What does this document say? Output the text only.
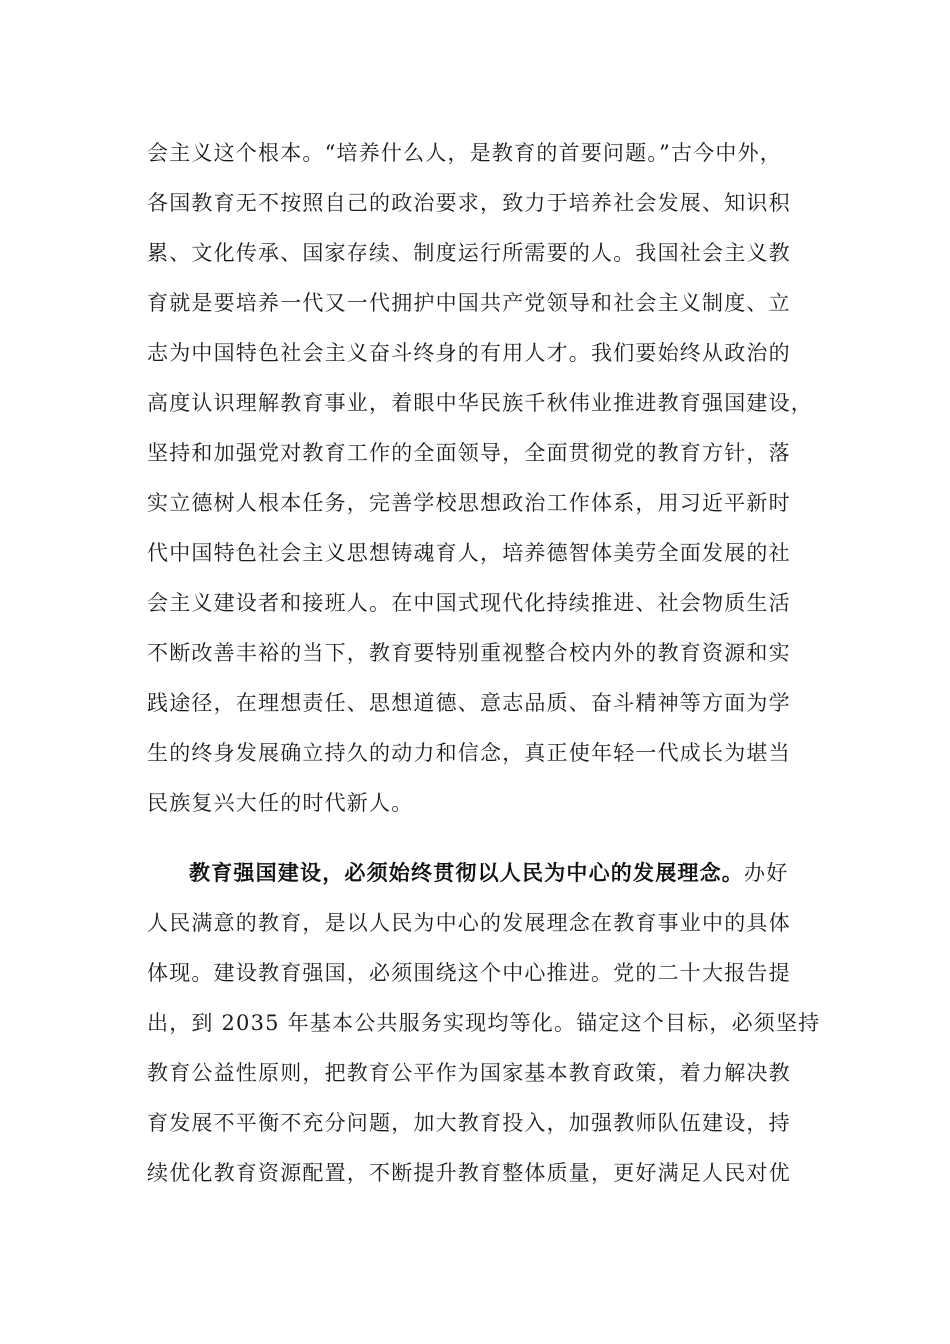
会主义这个根本。“培养什么人，是教育的首要问题。”古今中外，
各国教育无不按照自己的政治要求，致力于培养社会发展、知识积
累、文化传承、国家存续、制度运行所需要的人。我国社会主义教
育就是要培养一代又一代拥护中国共产党领导和社会主义制度、立
志为中国特色社会主义奋斗终身的有用人才。我们要始终从政治的
高度认识理解教育事业，着眼中华民族千秋伟业推进教育强国建设，
坚持和加强党对教育工作的全面领导，全面贯彻党的教育方针，落
实立德树人根本任务，完善学校思想政治工作体系，用习近平新时
代中国特色社会主义思想铸魂育人，培养德智体美劳全面发展的社
会主义建设者和接班人。在中国式现代化持续推进、社会物质生活
不断改善丰裕的当下，教育要特别重视整合校内外的教育资源和实
践途径，在理想责任、思想道德、意志品质、奋斗精神等方面为学
生的终身发展确立持久的动力和信念，真正使年轻一代成长为堪当
民族复兴大任的时代新人。
教育强国建设，必须始终贯彻以人民为中心的发展理念。办好
人民满意的教育，是以人民为中心的发展理念在教育事业中的具体
体现。建设教育强国，必须围绕这个中心推进。党的二十大报告提
出，到 2035 年基本公共服务实现均等化。锚定这个目标，必须坚持
教育公益性原则，把教育公平作为国家基本教育政策，着力解决教
育发展不平衡不充分问题，加大教育投入，加强教师队伍建设，持
续优化教育资源配置，不断提升教育整体质量，更好满足人民对优
